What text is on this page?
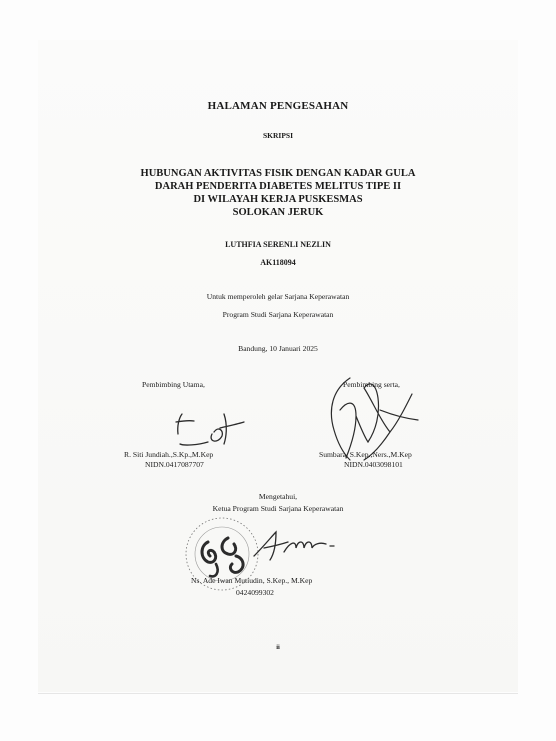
HALAMAN PENGESAHAN
SKRIPSI
HUBUNGAN AKTIVITAS FISIK DENGAN KADAR GULA
DARAH PENDERITA DIABETES MELITUS TIPE II
DI WILAYAH KERJA PUSKESMAS
SOLOKAN JERUK
LUTHFIA SERENLI NEZLIN
AK118094
Untuk memperoleh gelar Sarjana Keperawatan
Program Studi Sarjana Keperawatan
Bandung, 10 Januari 2025
Pembimbing Utama,
R. Siti Jundiah.,S.Kp.,M.Kep
NIDN.0417087707
Pembimbing serta,
Sumbara, S.Kep.,Ners.,M.Kep
NIDN.0403098101
Mengetahui,
Ketua Program Studi Sarjana Keperawatan
Ns. Ade Iwan Mutiudin, S.Kep., M.Kep
0424099302
ii
